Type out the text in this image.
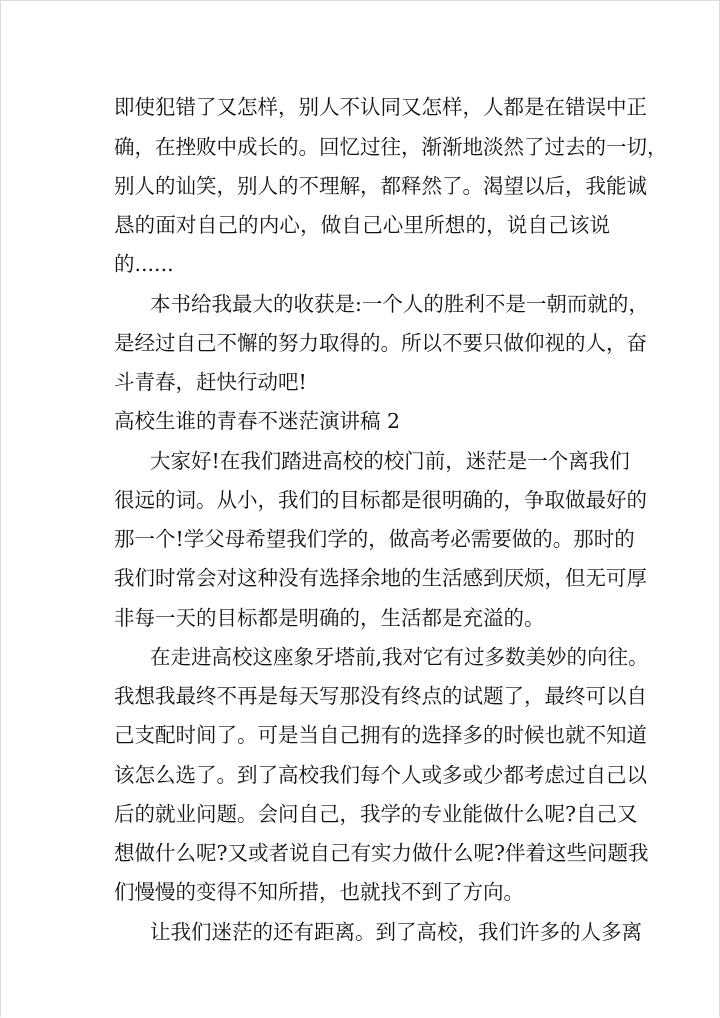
即使犯错了又怎样，别人不认同又怎样，人都是在错误中正
确，在挫败中成长的。回忆过往，渐渐地淡然了过去的一切，
别人的讪笑，别人的不理解，都释然了。渴望以后，我能诚
恳的面对自己的内心，做自己心里所想的，说自己该说
的......
本书给我最大的收获是:一个人的胜利不是一朝而就的，
是经过自己不懈的努力取得的。所以不要只做仰视的人，奋
斗青春，赶快行动吧!
高校生谁的青春不迷茫演讲稿 2
大家好!在我们踏进高校的校门前，迷茫是一个离我们
很远的词。从小，我们的目标都是很明确的，争取做最好的
那一个!学父母希望我们学的，做高考必需要做的。那时的
我们时常会对这种没有选择余地的生活感到厌烦，但无可厚
非每一天的目标都是明确的，生活都是充溢的。
在走进高校这座象牙塔前,我对它有过多数美妙的向往。
我想我最终不再是每天写那没有终点的试题了，最终可以自
己支配时间了。可是当自己拥有的选择多的时候也就不知道
该怎么选了。到了高校我们每个人或多或少都考虑过自己以
后的就业问题。会问自己，我学的专业能做什么呢?自己又
想做什么呢?又或者说自己有实力做什么呢?伴着这些问题我
们慢慢的变得不知所措，也就找不到了方向。
让我们迷茫的还有距离。到了高校，我们许多的人多离
